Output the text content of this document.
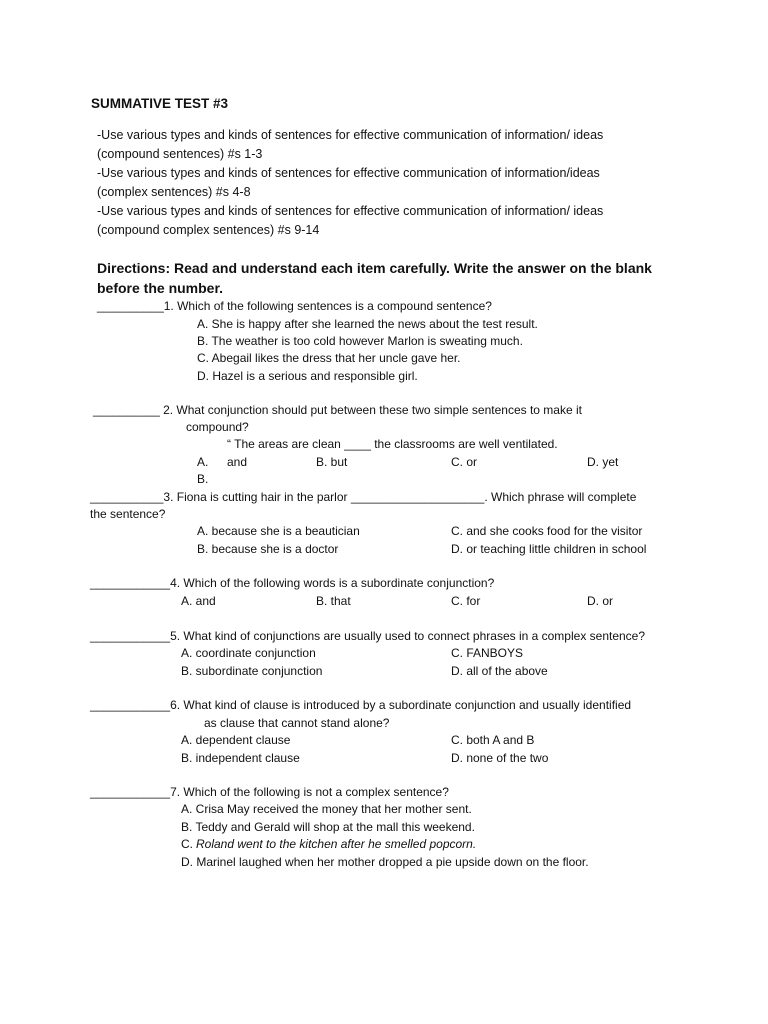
SUMMATIVE TEST #3
-Use various types and kinds of sentences for effective communication of information/ ideas
(compound sentences) #s 1-3
-Use various types and kinds of sentences for effective communication of information/ideas
(complex sentences) #s 4-8
-Use various types and kinds of sentences for effective communication of information/ ideas
(compound complex sentences) #s 9-14
Directions: Read and understand each item carefully. Write the answer on the blank
before the number.
__________1. Which of the following sentences is a compound sentence?
A. She is happy after she learned the news about the test result.
B. The weather is too cold however Marlon is sweating much.
C. Abegail likes the dress that her uncle gave her.
D. Hazel is a serious and responsible girl.
__________ 2. What conjunction should put between these two simple sentences to make it
compound?
“ The areas are clean ____ the classrooms are well ventilated.
A. and	B. but	C. or	D. yet
B.
___________3. Fiona is cutting hair in the parlor ____________________. Which phrase will complete
the sentence?
A. because she is a beautician	C. and she cooks food for the visitor
B. because she is a doctor	D. or teaching little children in school
____________4. Which of the following words is a subordinate conjunction?
A. and	B. that	C. for	D. or
____________5. What kind of conjunctions are usually used to connect phrases in a complex sentence?
A. coordinate conjunction	C. FANBOYS
B. subordinate conjunction	D. all of the above
____________6. What kind of clause is introduced by a subordinate conjunction and usually identified
as clause that cannot stand alone?
A. dependent clause	C. both A and B
B. independent clause	D. none of the two
____________7. Which of the following is not a complex sentence?
A. Crisa May received the money that her mother sent.
B. Teddy and Gerald will shop at the mall this weekend.
C. Roland went to the kitchen after he smelled popcorn.
D. Marinel laughed when her mother dropped a pie upside down on the floor.
